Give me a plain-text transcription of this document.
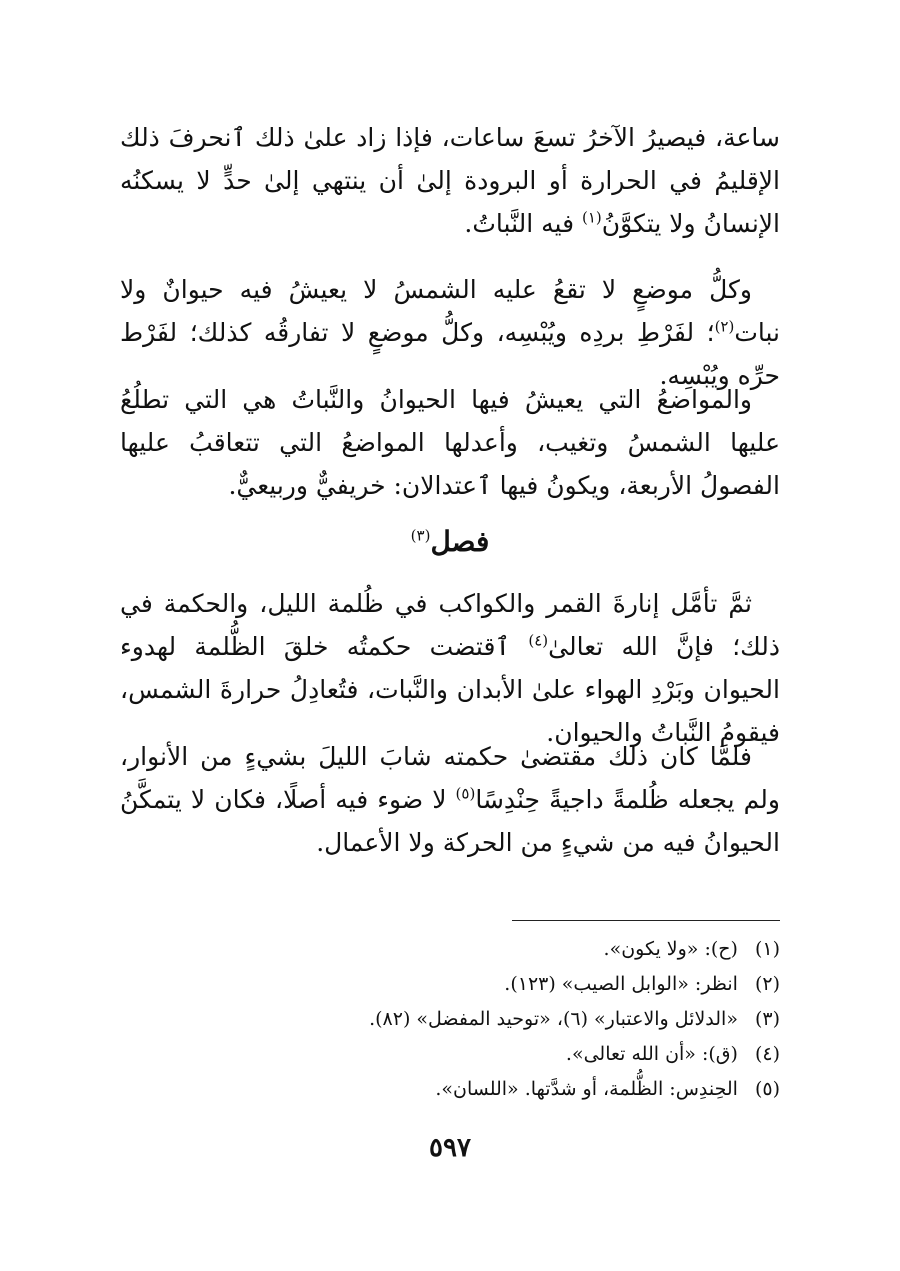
ساعة، فيصيرُ الآخرُ تسعَ ساعات، فإذا زاد علىٰ ذلك ٱنحرفَ ذلك الإقليمُ في الحرارة أو البرودة إلىٰ أن ينتهي إلىٰ حدٍّ لا يسكنُه الإنسانُ ولا يتكوَّنُ$^{(١)}$ فيه النَّباتُ.

وكلُّ موضعٍ لا تقعُ عليه الشمسُ لا يعيشُ فيه حيوانٌ ولا نبات$^{(٢)}$؛ لفَرْطِ بردِه ويُبْسِه، وكلُّ موضعٍ لا تفارقُه كذلك؛ لفَرْط حرِّه ويُبْسِه.

والمواضعُ التي يعيشُ فيها الحيوانُ والنَّباتُ هي التي تطلُعُ عليها الشمسُ وتغيب، وأعدلها المواضعُ التي تتعاقبُ عليها الفصولُ الأربعة، ويكونُ فيها ٱعتدالان: خريفيٌّ وربيعيٌّ.

فصل$^{(٣)}$

ثمَّ تأمَّل إنارةَ القمر والكواكب في ظُلمة الليل، والحكمة في ذلك؛ فإنَّ الله تعالىٰ$^{(٤)}$ ٱقتضت حكمتُه خلقَ الظُّلمة لهدوء الحيوان وبَرْدِ الهواء علىٰ الأبدان والنَّبات، فتُعادِلُ حرارةَ الشمس، فيقومُ النَّباتُ والحيوان.

فلمَّا كان ذلك مقتضىٰ حكمته شابَ الليلَ بشيءٍ من الأنوار، ولم يجعله ظُلمةً داجيةً حِنْدِسًا$^{(٥)}$ لا ضوء فيه أصلًا، فكان لا يتمكَّنُ الحيوانُ فيه من شيءٍ من الحركة ولا الأعمال.

(١) (ح): «ولا يكون».

(٢) انظر: «الوابل الصيب» (١٢٣).

(٣) «الدلائل والاعتبار» (٦)، «توحيد المفضل» (٨٢).

(٤) (ق): «أن الله تعالى».

(٥) الحِندِس: الظُّلمة، أو شدَّتها. «اللسان».

٥٩٧
